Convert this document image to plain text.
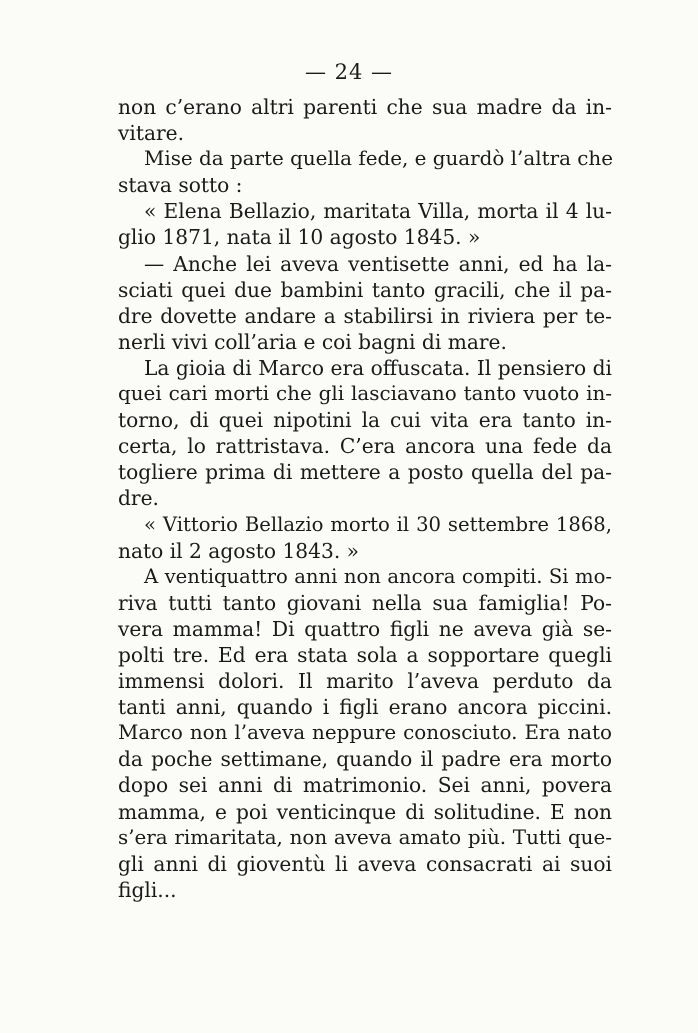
— 24 —
non c’erano altri parenti che sua madre da in-
vitare.
Mise da parte quella fede, e guardò l’altra che
stava sotto :
« Elena Bellazio, maritata Villa, morta il 4 lu-
glio 1871, nata il 10 agosto 1845. »
— Anche lei aveva ventisette anni, ed ha la-
sciati quei due bambini tanto gracili, che il pa-
dre dovette andare a stabilirsi in riviera per te-
nerli vivi coll’aria e coi bagni di mare.
La gioia di Marco era offuscata. Il pensiero di
quei cari morti che gli lasciavano tanto vuoto in-
torno, di quei nipotini la cui vita era tanto in-
certa, lo rattristava. C’era ancora una fede da
togliere prima di mettere a posto quella del pa-
dre.
« Vittorio Bellazio morto il 30 settembre 1868,
nato il 2 agosto 1843. »
A ventiquattro anni non ancora compiti. Si mo-
riva tutti tanto giovani nella sua famiglia! Po-
vera mamma! Di quattro figli ne aveva già se-
polti tre. Ed era stata sola a sopportare quegli
immensi dolori. Il marito l’aveva perduto da
tanti anni, quando i figli erano ancora piccini.
Marco non l’aveva neppure conosciuto. Era nato
da poche settimane, quando il padre era morto
dopo sei anni di matrimonio. Sei anni, povera
mamma, e poi venticinque di solitudine. E non
s’era rimaritata, non aveva amato più. Tutti que-
gli anni di gioventù li aveva consacrati ai suoi
figli...
